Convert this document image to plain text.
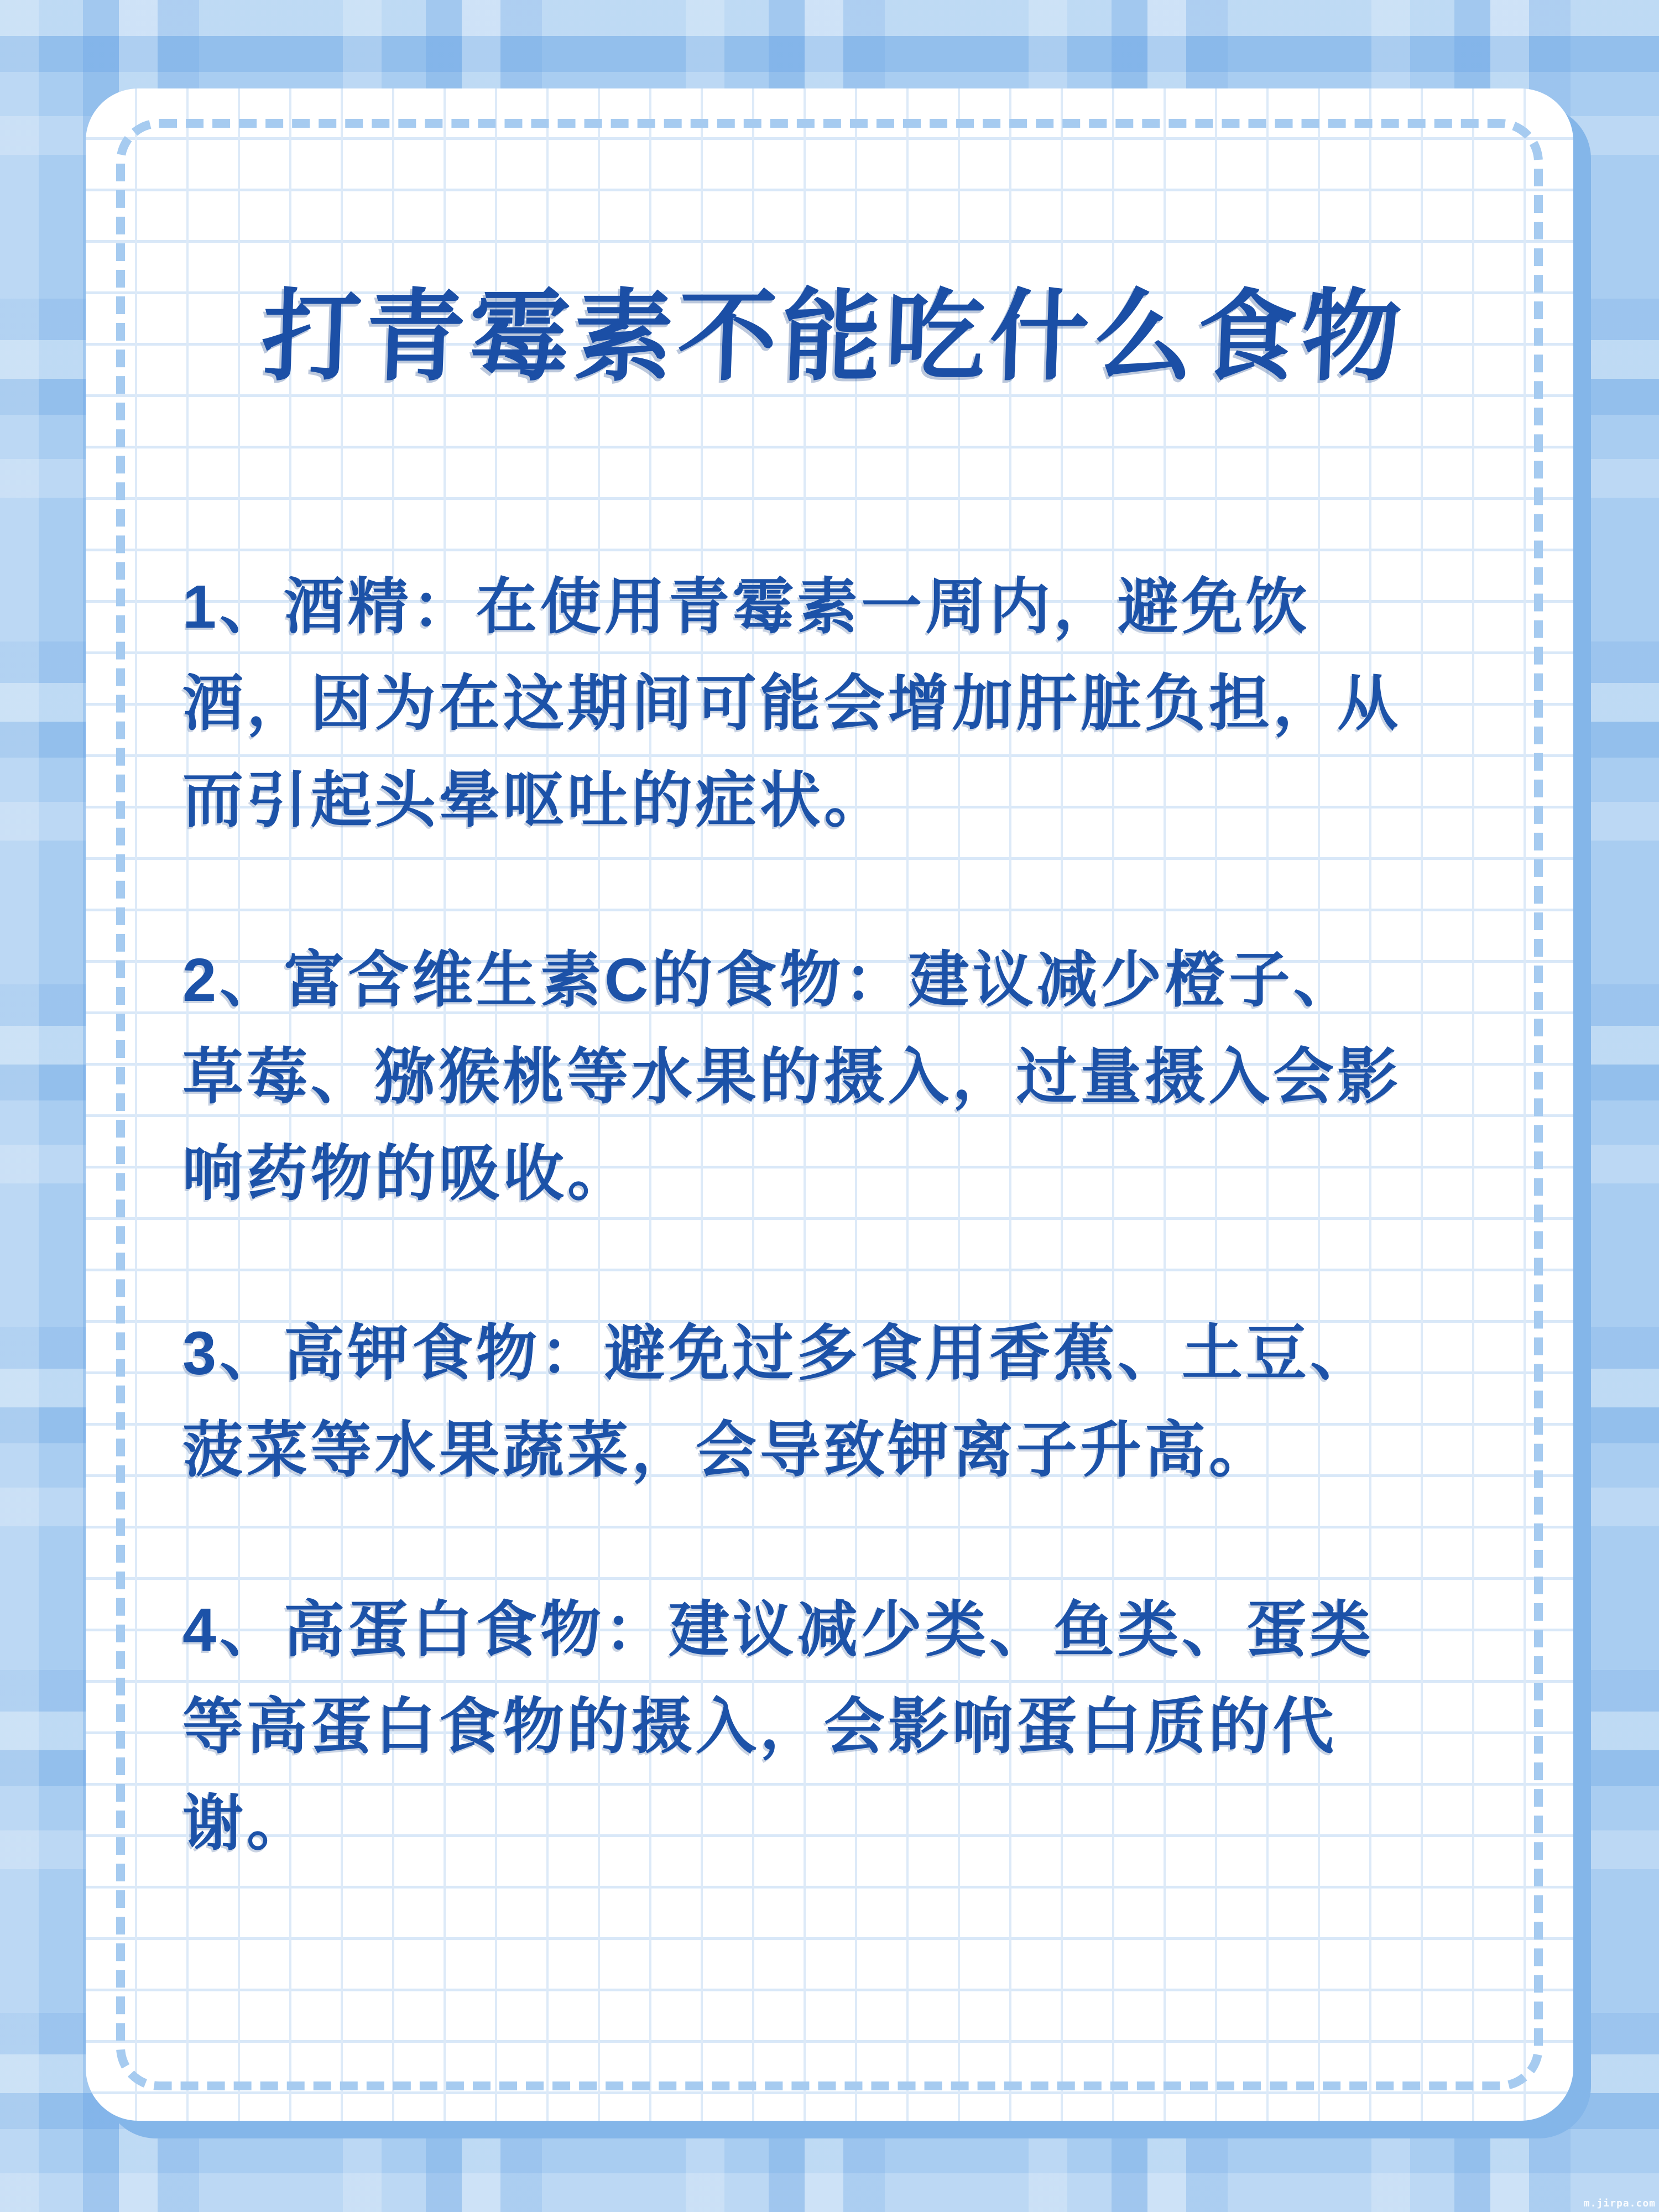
打青霉素不能吃什么食物
1、酒精：在使用青霉素一周内，避免饮
酒，因为在这期间可能会增加肝脏负担，从
而引起头晕呕吐的症状。
2、富含维生素C的食物：建议减少橙子、
草莓、猕猴桃等水果的摄入，过量摄入会影
响药物的吸收。
3、高钾食物：避免过多食用香蕉、土豆、
菠菜等水果蔬菜，会导致钾离子升高。
4、高蛋白食物：建议减少类、鱼类、蛋类
等高蛋白食物的摄入，会影响蛋白质的代
谢。
m.jirpa.com
